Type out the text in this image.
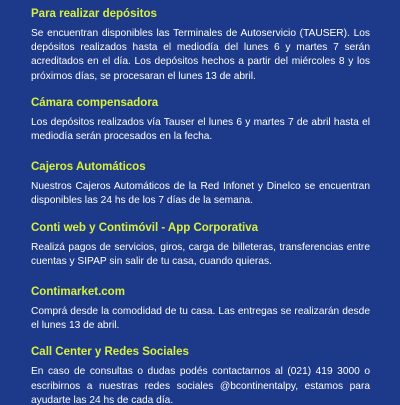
Para realizar depósitos

Se encuentran disponibles las Terminales de Autoservicio (TAUSER). Los depósitos realizados hasta el mediodía del lunes 6 y martes 7 serán acreditados en el día. Los depósitos hechos a partir del miércoles 8 y los próximos días, se procesaran el lunes 13 de abril.

Cámara compensadora

Los depósitos realizados vía Tauser el lunes 6 y martes 7 de abril hasta el mediodía serán procesados en la fecha.

Cajeros Automáticos

Nuestros Cajeros Automáticos de la Red Infonet y Dinelco se encuentran disponibles las 24 hs de los 7 días de la semana.

Conti web y Contimóvil - App Corporativa

Realizá pagos de servicios, giros, carga de billeteras, transferencias entre cuentas y SIPAP sin salir de tu casa, cuando quieras.

Contimarket.com

Comprá desde la comodidad de tu casa. Las entregas se realizarán desde el lunes 13 de abril.

Call Center y Redes Sociales

En caso de consultas o dudas podés contactarnos al (021) 419 3000 o escribirnos a nuestras redes sociales @bcontinentalpy, estamos para ayudarte las 24 hs de cada día.
